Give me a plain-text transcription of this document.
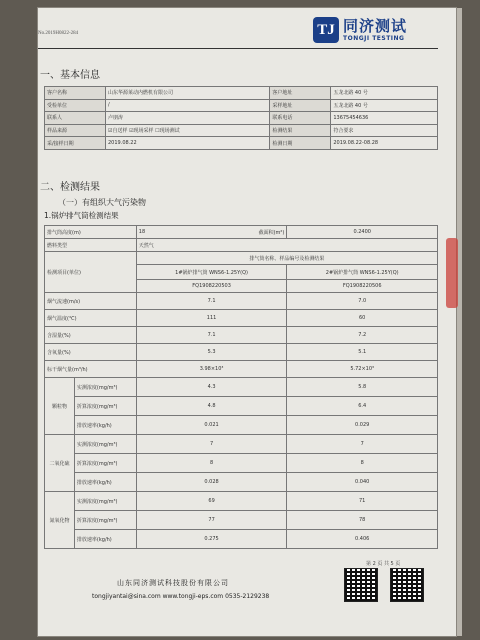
No.2019H0822-284	TJ 同济测试
TONGJI TESTING
一、基本信息
客户名称	山东华源莱动内燃机有限公司	客户地址	五龙北路 40 号
受检单位	/	采样地址	五龙北路 40 号
联系人	卢朋涛	联系电话	13675454636
样品来源	☑自送样 ☑现场采样 ☐现场测试	检测结果	符合要求
采/接样日期	2019.08.22	检测日期	2019.08.22-08.28
二、检测结果
（一）有组织大气污染物
1.锅炉排气筒检测结果
排气筒高度(m)		18 截面积(m²)	0.2400
燃料类型		天然气	
检测项目(单位)		排气筒名称、样品编号及检测结果	
		1#锅炉排气筒 WNS6-1.25Y(Q)	2#锅炉排气筒 WNS6-1.25Y(Q)
		FQ1908220503	FQ1908220506
烟气流速(m/s)		7.1	7.0
烟气温度(℃)		111	60
含湿量(%)		7.1	7.2
含氧量(%)		5.3	5.1
标干烟气量(m³/h)		3.98×10³	5.72×10³
颗粒物	实测浓度(mg/m³)	4.3	5.8
	折算浓度(mg/m³)	4.8	6.4
	排放速率(kg/h)	0.021	0.029
二氧化硫	实测浓度(mg/m³)	7	7
	折算浓度(mg/m³)	8	8
	排放速率(kg/h)	0.028	0.040
氮氧化物	实测浓度(mg/m³)	69	71
	折算浓度(mg/m³)	77	78
	排放速率(kg/h)	0.275	0.406
第 2 页 共 5 页
山东同济测试科技股份有限公司
tongjiyantai@sina.com www.tongji-eps.com 0535-2129238
